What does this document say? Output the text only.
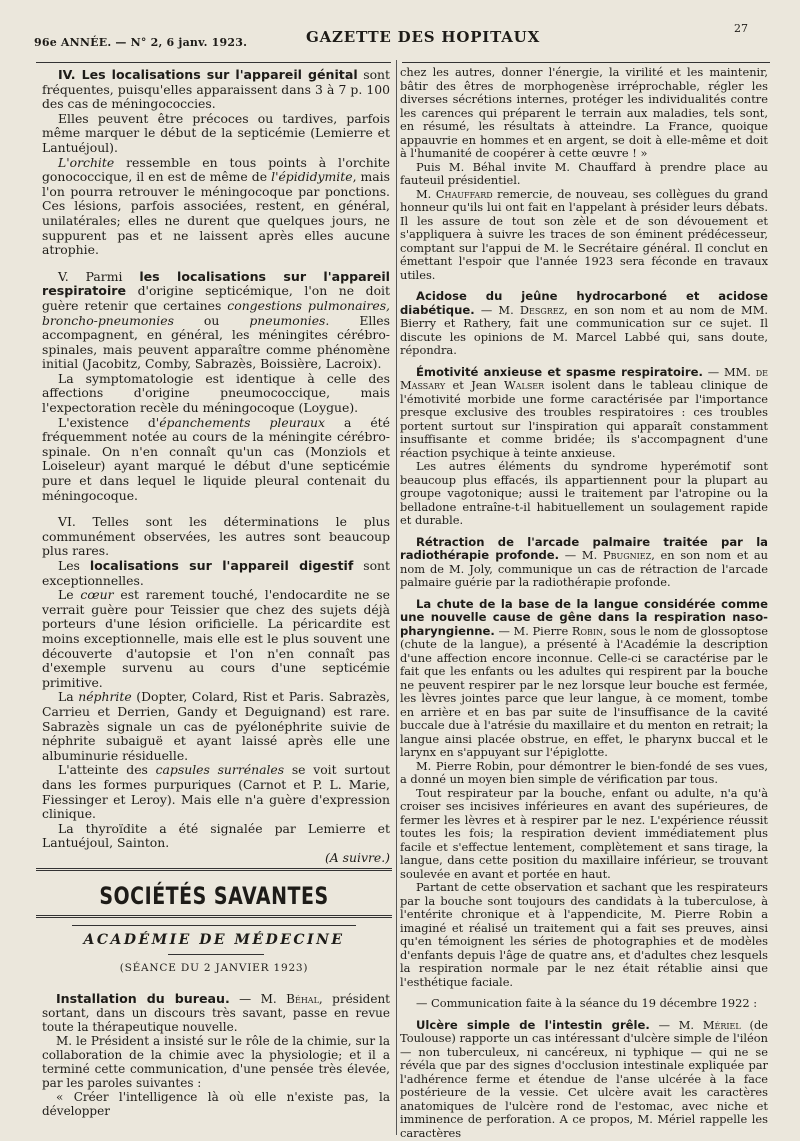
96e ANNÉE. — N° 2, 6 janv. 1923.	GAZETTE DES HOPITAUX	27

IV. Les localisations sur l'appareil génital sont fréquentes, puisqu'elles apparaissent dans 3 à 7 p. 100 des cas de méningococcies.

Elles peuvent être précoces ou tardives, parfois même marquer le début de la septicémie (Lemierre et Lantuéjoul).

L'orchite ressemble en tous points à l'orchite gonococcique, il en est de même de l'épididymite, mais l'on pourra retrouver le méningocoque par ponctions. Ces lésions, parfois associées, restent, en général, unilatérales; elles ne durent que quelques jours, ne suppurent pas et ne laissent après elles aucune atrophie.

V. Parmi les localisations sur l'appareil respiratoire d'origine septicémique, l'on ne doit guère retenir que certaines congestions pulmonaires, broncho-pneumonies ou pneumonies. Elles accompagnent, en général, les méningites cérébro-spinales, mais peuvent apparaître comme phénomène initial (Jacobitz, Comby, Sabrazès, Boissière, Lacroix).

La symptomatologie est identique à celle des affections d'origine pneumococcique, mais l'expectoration recèle du méningocoque (Loygue).

L'existence d'épanchements pleuraux a été fréquemment notée au cours de la méningite cérébro-spinale. On n'en connaît qu'un cas (Monziols et Loiseleur) ayant marqué le début d'une septicémie pure et dans lequel le liquide pleural contenait du méningocoque.

VI. Telles sont les déterminations le plus communément observées, les autres sont beaucoup plus rares.

Les localisations sur l'appareil digestif sont exceptionnelles.

Le cœur est rarement touché, l'endocardite ne se verrait guère pour Teissier que chez des sujets déjà porteurs d'une lésion orificielle. La péricardite est moins exceptionnelle, mais elle est le plus souvent une découverte d'autopsie et l'on n'en connaît pas d'exemple survenu au cours d'une septicémie primitive.

La néphrite (Dopter, Colard, Rist et Paris. Sabrazès, Carrieu et Derrien, Gandy et Deguignand) est rare. Sabrazès signale un cas de pyélonéphrite suivie de néphrite subaiguë et ayant laissé après elle une albuminurie résiduelle.

L'atteinte des capsules surrénales se voit surtout dans les formes purpuriques (Carnot et P. L. Marie, Fiessinger et Leroy). Mais elle n'a guère d'expression clinique.

La thyroïdite a été signalée par Lemierre et Lantuéjoul, Sainton.

(A suivre.)

SOCIÉTÉS SAVANTES
ACADÉMIE DE MÉDECINE
(SÉANCE DU 2 JANVIER 1923)

Installation du bureau. — M. Béhal, président sortant, dans un discours très savant, passe en revue toute la thérapeutique nouvelle.

M. le Président a insisté sur le rôle de la chimie, sur la collaboration de la chimie avec la physiologie; et il a terminé cette communication, d'une pensée très élevée, par les paroles suivantes :

« Créer l'intelligence là où elle n'existe pas, la développer

chez les autres, donner l'énergie, la virilité et les maintenir, bâtir des êtres de morphogenèse irréprochable, régler les diverses sécrétions internes, protéger les individualités contre les carences qui préparent le terrain aux maladies, tels sont, en résumé, les résultats à atteindre. La France, quoique appauvrie en hommes et en argent, se doit à elle-même et doit à l'humanité de coopérer à cette œuvre ! »

Puis M. Béhal invite M. Chauffard à prendre place au fauteuil présidentiel.

M. Chauffard remercie, de nouveau, ses collègues du grand honneur qu'ils lui ont fait en l'appelant à présider leurs débats. Il les assure de tout son zèle et de son dévouement et s'appliquera à suivre les traces de son éminent prédécesseur, comptant sur l'appui de M. le Secrétaire général. Il conclut en émettant l'espoir que l'année 1923 sera féconde en travaux utiles.

Acidose du jeûne hydrocarboné et acidose diabétique. — M. Desgrez, en son nom et au nom de MM. Bierry et Rathery, fait une communication sur ce sujet. Il discute les opinions de M. Marcel Labbé qui, sans doute, répondra.

Émotivité anxieuse et spasme respiratoire. — MM. de Massary et Jean Walser isolent dans le tableau clinique de l'émotivité morbide une forme caractérisée par l'importance presque exclusive des troubles respiratoires : ces troubles portent surtout sur l'inspiration qui apparaît constamment insuffisante et comme bridée; ils s'accompagnent d'une réaction psychique à teinte anxieuse.

Les autres éléments du syndrome hyperémotif sont beaucoup plus effacés, ils appartiennent pour la plupart au groupe vagotonique; aussi le traitement par l'atropine ou la belladone entraîne-t-il habituellement un soulagement rapide et durable.

Rétraction de l'arcade palmaire traitée par la radiothérapie profonde. — M. Pbugniez, en son nom et au nom de M. Joly, communique un cas de rétraction de l'arcade palmaire guérie par la radiothérapie profonde.

La chute de la base de la langue considérée comme une nouvelle cause de gêne dans la respiration naso-pharyngienne. — M. Pierre Robin, sous le nom de glossoptose (chute de la langue), a présenté à l'Académie la description d'une affection encore inconnue. Celle-ci se caractérise par le fait que les enfants ou les adultes qui respirent par la bouche ne peuvent respirer par le nez lorsque leur bouche est fermée, les lèvres jointes parce que leur langue, à ce moment, tombe en arrière et en bas par suite de l'insuffisance de la cavité buccale due à l'atrésie du maxillaire et du menton en retrait; la langue ainsi placée obstrue, en effet, le pharynx buccal et le larynx en s'appuyant sur l'épiglotte.

M. Pierre Robin, pour démontrer le bien-fondé de ses vues, a donné un moyen bien simple de vérification par tous.

Tout respirateur par la bouche, enfant ou adulte, n'a qu'à croiser ses incisives inférieures en avant des supérieures, de fermer les lèvres et à respirer par le nez. L'expérience réussit toutes les fois; la respiration devient immédiatement plus facile et s'effectue lentement, complètement et sans tirage, la langue, dans cette position du maxillaire inférieur, se trouvant soulevée en avant et portée en haut.

Partant de cette observation et sachant que les respirateurs par la bouche sont toujours des candidats à la tuberculose, à l'entérite chronique et à l'appendicite, M. Pierre Robin a imaginé et réalisé un traitement qui a fait ses preuves, ainsi qu'en témoignent les séries de photographies et de modèles d'enfants depuis l'âge de quatre ans, et d'adultes chez lesquels la respiration normale par le nez était rétablie ainsi que l'esthétique faciale.

— Communication faite à la séance du 19 décembre 1922 :

Ulcère simple de l'intestin grêle. — M. Mériel (de Toulouse) rapporte un cas intéressant d'ulcère simple de l'iléon — non tuberculeux, ni cancéreux, ni typhique — qui ne se révéla que par des signes d'occlusion intestinale expliquée par l'adhérence ferme et étendue de l'anse ulcérée à la face postérieure de la vessie. Cet ulcère avait les caractères anatomiques de l'ulcère rond de l'estomac, avec niche et imminence de perforation. A ce propos, M. Mériel rappelle les caractères
